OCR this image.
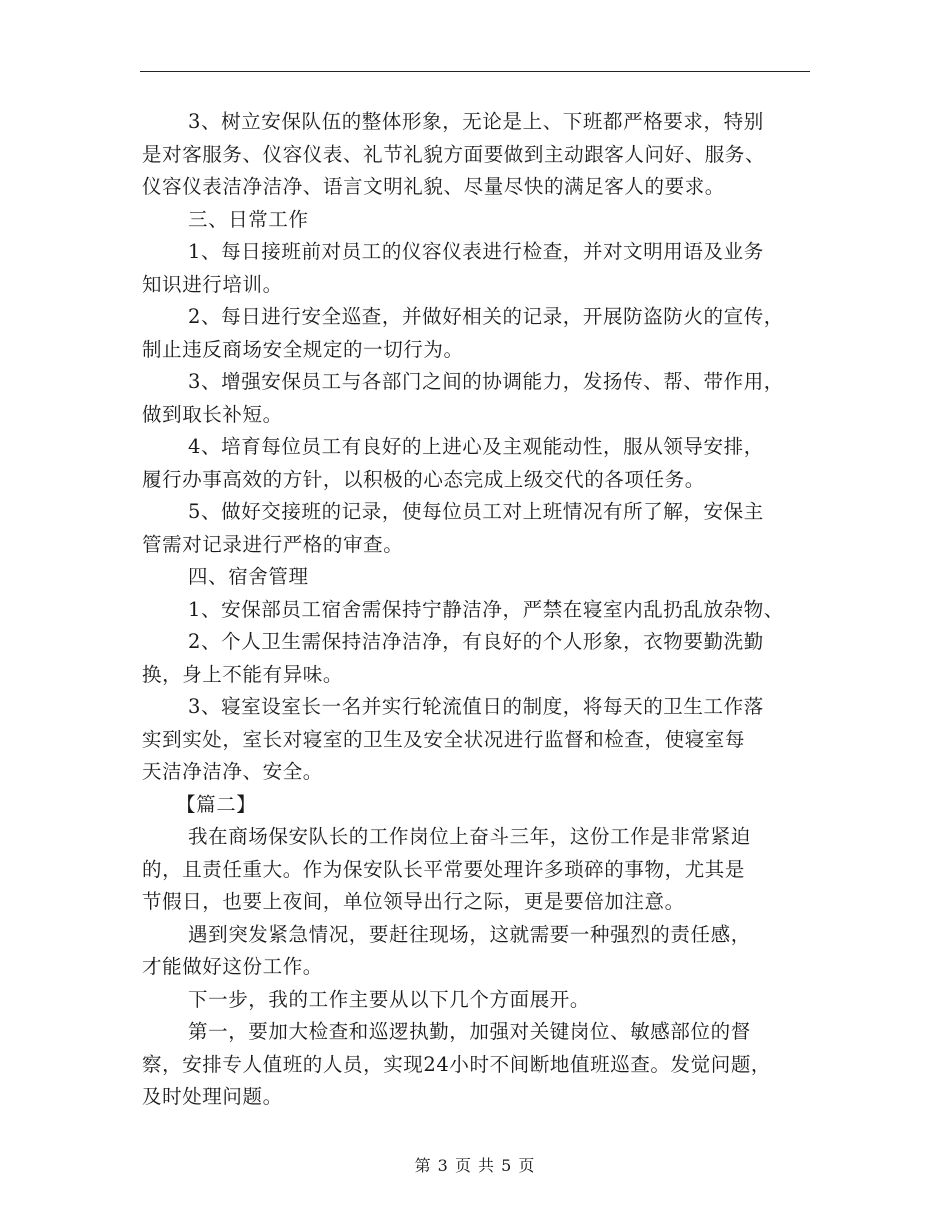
3、树立安保队伍的整体形象，无论是上、下班都严格要求，特别
是对客服务、仪容仪表、礼节礼貌方面要做到主动跟客人问好、服务、
仪容仪表洁净洁净、语言文明礼貌、尽量尽快的满足客人的要求。
三、日常工作
1、每日接班前对员工的仪容仪表进行检查，并对文明用语及业务
知识进行培训。
2、每日进行安全巡查，并做好相关的记录，开展防盗防火的宣传，
制止违反商场安全规定的一切行为。
3、增强安保员工与各部门之间的协调能力，发扬传、帮、带作用，
做到取长补短。
4、培育每位员工有良好的上进心及主观能动性，服从领导安排，
履行办事高效的方针，以积极的心态完成上级交代的各项任务。
5、做好交接班的记录，使每位员工对上班情况有所了解，安保主
管需对记录进行严格的审查。
四、宿舍管理
1、安保部员工宿舍需保持宁静洁净，严禁在寝室内乱扔乱放杂物、
2、个人卫生需保持洁净洁净，有良好的个人形象，衣物要勤洗勤
换，身上不能有异味。
3、寝室设室长一名并实行轮流值日的制度，将每天的卫生工作落
实到实处，室长对寝室的卫生及安全状况进行监督和检查，使寝室每
天洁净洁净、安全。
【篇二】
我在商场保安队长的工作岗位上奋斗三年，这份工作是非常紧迫
的，且责任重大。作为保安队长平常要处理许多琐碎的事物，尤其是
节假日，也要上夜间，单位领导出行之际，更是要倍加注意。
遇到突发紧急情况，要赶往现场，这就需要一种强烈的责任感，
才能做好这份工作。
下一步，我的工作主要从以下几个方面展开。
第一，要加大检查和巡逻执勤，加强对关键岗位、敏感部位的督
察，安排专人值班的人员，实现24小时不间断地值班巡查。发觉问题，
及时处理问题。
第 3 页 共 5 页
